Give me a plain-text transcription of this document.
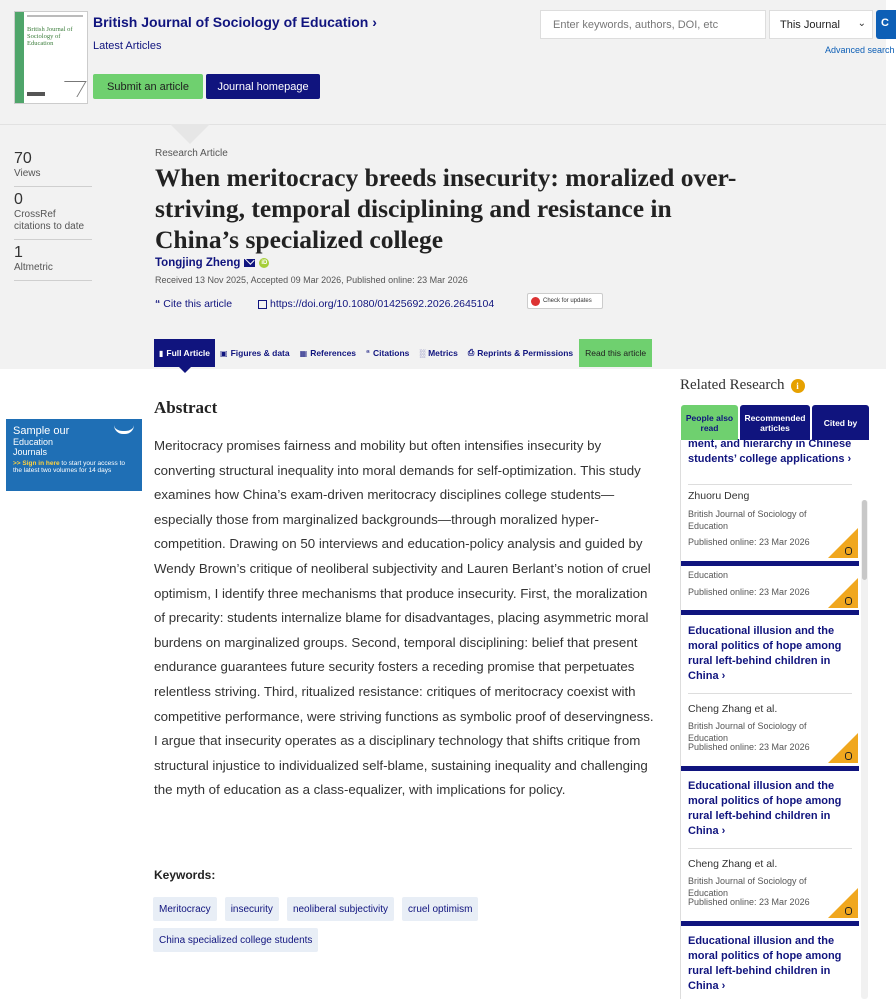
British Journal of Sociology of Education
British Journal of Sociology of Education ›
Latest Articles
Submit an article	Journal homepage
Enter keywords, authors, DOI, etc	This Journal ⌄	C
Advanced search
70
Views
0
CrossRef citations to date
1
Altmetric
Research Article
When meritocracy breeds insecurity: moralized over-striving, temporal disciplining and resistance in China’s specialized college
Tongjing Zheng	iD
Received 13 Nov 2025, Accepted 09 Mar 2026, Published online: 23 Mar 2026
“ Cite this article	https://doi.org/10.1080/01425692.2026.2645104	Check for updates
▮ Full Article ▣ Figures & data ▦ References “ Citations ░ Metrics ⎙ Reprints & Permissions	Read this article
Sample our
Education
Journals
>> Sign in here to start your access to the latest two volumes for 14 days
Abstract
Meritocracy promises fairness and mobility but often intensifies insecurity by converting structural inequality into moral demands for self-optimization. This study examines how China’s exam-driven meritocracy disciplines college students—especially those from marginalized backgrounds—through moralized hyper-competition. Drawing on 50 interviews and education-policy analysis and guided by Wendy Brown’s critique of neoliberal subjectivity and Lauren Berlant’s notion of cruel optimism, I identify three mechanisms that produce insecurity. First, the moralization of precarity: students internalize blame for disadvantages, placing asymmetric moral burdens on marginalized groups. Second, temporal disciplining: belief that present endurance guarantees future security fosters a receding promise that perpetuates relentless striving. Third, ritualized resistance: critiques of meritocracy coexist with competitive performance, were striving functions as symbolic proof of deservingness. I argue that insecurity operates as a disciplinary technology that shifts critique from structural injustice to individualized self-blame, sustaining inequality and challenging the myth of education as a class-equalizer, with implications for policy.
Keywords:
Meritocracy	insecurity	neoliberal subjectivity	cruel optimism
China specialized college students
Related Research	i
People also read
Recommended articles	Cited by
ment, and hierarchy in Chinese students’ college applications ›
Zhuoru Deng
British Journal of Sociology of Education
Published online: 23 Mar 2026
Education
Published online: 23 Mar 2026
Educational illusion and the moral politics of hope among rural left-behind children in China ›
Cheng Zhang et al.
British Journal of Sociology of Education
Published online: 23 Mar 2026
Educational illusion and the moral politics of hope among rural left-behind children in China ›
Cheng Zhang et al.
British Journal of Sociology of Education
Published online: 23 Mar 2026
Educational illusion and the moral politics of hope among rural left-behind children in China ›
